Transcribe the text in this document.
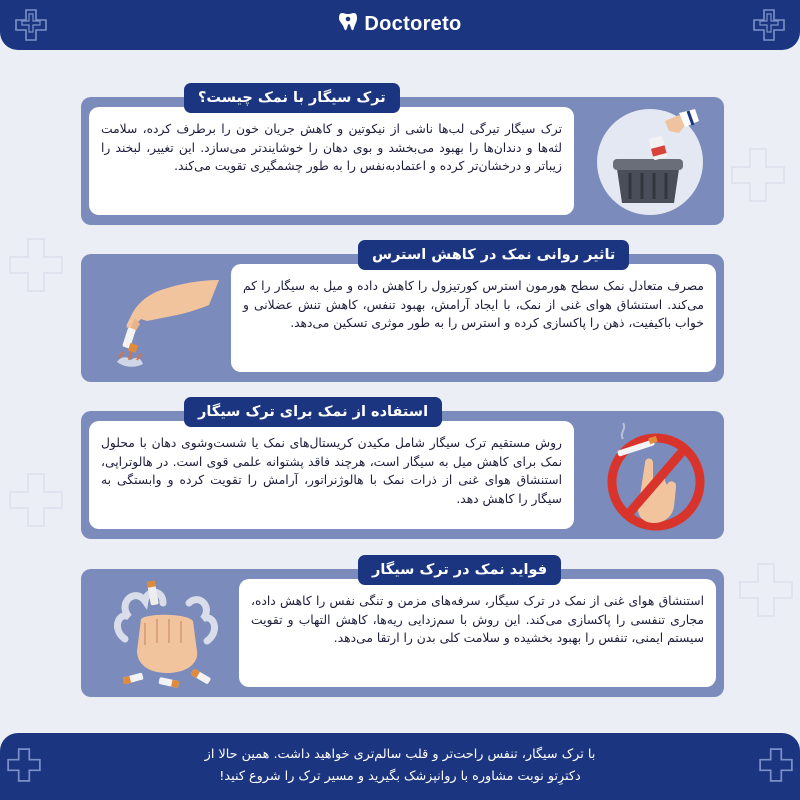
Doctoreto
ترک سیگار تیرگی لب‌ها ناشی از نیکوتین و کاهش جریان خون را برطرف کرده، سلامت لثه‌ها و دندان‌ها را بهبود می‌بخشد و بوی دهان را خوشایندتر می‌سازد. این تغییر، لبخند را زیباتر و درخشان‌تر کرده و اعتمادبه‌نفس را به طور چشمگیری تقویت می‌کند.
ترک سیگار با نمک چیست؟
مصرف متعادل نمک سطح هورمون استرس کورتیزول را کاهش داده و میل به سیگار را کم می‌کند. استنشاق هوای غنی از نمک، با ایجاد آرامش، بهبود تنفس، کاهش تنش عضلانی و خواب باکیفیت، ذهن را پاکسازی کرده و استرس را به طور موثری تسکین می‌دهد.
تاثیر روانی نمک در کاهش استرس
روش مستقیم ترک سیگار شامل مکیدن کریستال‌های نمک یا شست‌وشوی دهان با محلول نمک برای کاهش میل به سیگار است، هرچند فاقد پشتوانه علمی قوی است. در هالوتراپی، استنشاق هوای غنی از ذرات نمک با هالوژنراتور، آرامش را تقویت کرده و وابستگی به سیگار را کاهش دهد.
استفاده از نمک برای ترک سیگار
استنشاق هوای غنی از نمک در ترک سیگار، سرفه‌های مزمن و تنگی نفس را کاهش داده، مجاری تنفسی را پاکسازی می‌کند. این روش با سم‌زدایی ریه‌ها، کاهش التهاب و تقویت سیستم ایمنی، تنفس را بهبود بخشیده و سلامت کلی بدن را ارتقا می‌دهد.
فواید نمک در ترک سیگار
با ترک سیگار، تنفس راحت‌تر و قلب سالم‌تری خواهید داشت. همین حالا از
دکترِتو نوبت مشاوره با روانپزشک بگیرید و مسیر ترک را شروع کنید!
